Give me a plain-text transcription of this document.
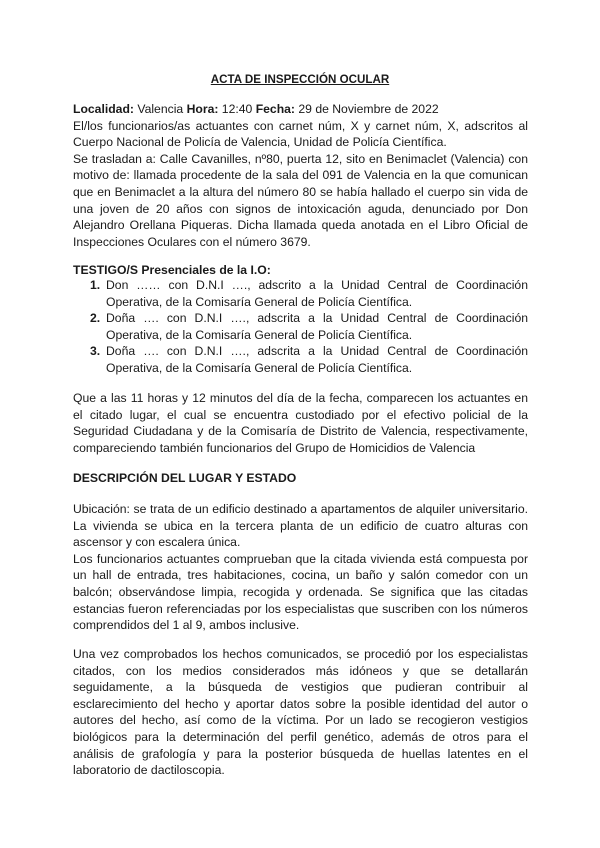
ACTA DE INSPECCIÓN OCULAR

Localidad: Valencia Hora: 12:40 Fecha: 29 de Noviembre de 2022

El/los funcionarios/as actuantes con carnet núm, X y carnet núm, X, adscritos al Cuerpo Nacional de Policía de Valencia, Unidad de Policía Científica.

Se trasladan a: Calle Cavanilles, nº80, puerta 12, sito en Benimaclet (Valencia) con motivo de: llamada procedente de la sala del 091 de Valencia en la que comunican que en Benimaclet a la altura del número 80 se había hallado el cuerpo sin vida de una joven de 20 años con signos de intoxicación aguda, denunciado por Don Alejandro Orellana Piqueras. Dicha llamada queda anotada en el Libro Oficial de Inspecciones Oculares con el número 3679.

TESTIGO/S Presenciales de la I.O:
1. Don …… con D.N.I …., adscrito a la Unidad Central de Coordinación Operativa, de la Comisaría General de Policía Científica.
2. Doña …. con D.N.I …., adscrita a la Unidad Central de Coordinación Operativa, de la Comisaría General de Policía Científica.
3. Doña …. con D.N.I …., adscrita a la Unidad Central de Coordinación Operativa, de la Comisaría General de Policía Científica.

Que a las 11 horas y 12 minutos del día de la fecha, comparecen los actuantes en el citado lugar, el cual se encuentra custodiado por el efectivo policial de la Seguridad Ciudadana y de la Comisaría de Distrito de Valencia, respectivamente, compareciendo también funcionarios del Grupo de Homicidios de Valencia

DESCRIPCIÓN DEL LUGAR Y ESTADO

Ubicación: se trata de un edificio destinado a apartamentos de alquiler universitario. La vivienda se ubica en la tercera planta de un edificio de cuatro alturas con ascensor y con escalera única.

Los funcionarios actuantes comprueban que la citada vivienda está compuesta por un hall de entrada, tres habitaciones, cocina, un baño y salón comedor con un balcón; observándose limpia, recogida y ordenada. Se significa que las citadas estancias fueron referenciadas por los especialistas que suscriben con los números comprendidos del 1 al 9, ambos inclusive.

Una vez comprobados los hechos comunicados, se procedió por los especialistas citados, con los medios considerados más idóneos y que se detallarán seguidamente, a la búsqueda de vestigios que pudieran contribuir al esclarecimiento del hecho y aportar datos sobre la posible identidad del autor o autores del hecho, así como de la víctima. Por un lado se recogieron vestigios biológicos para la determinación del perfil genético, además de otros para el análisis de grafología y para la posterior búsqueda de huellas latentes en el laboratorio de dactiloscopia.
